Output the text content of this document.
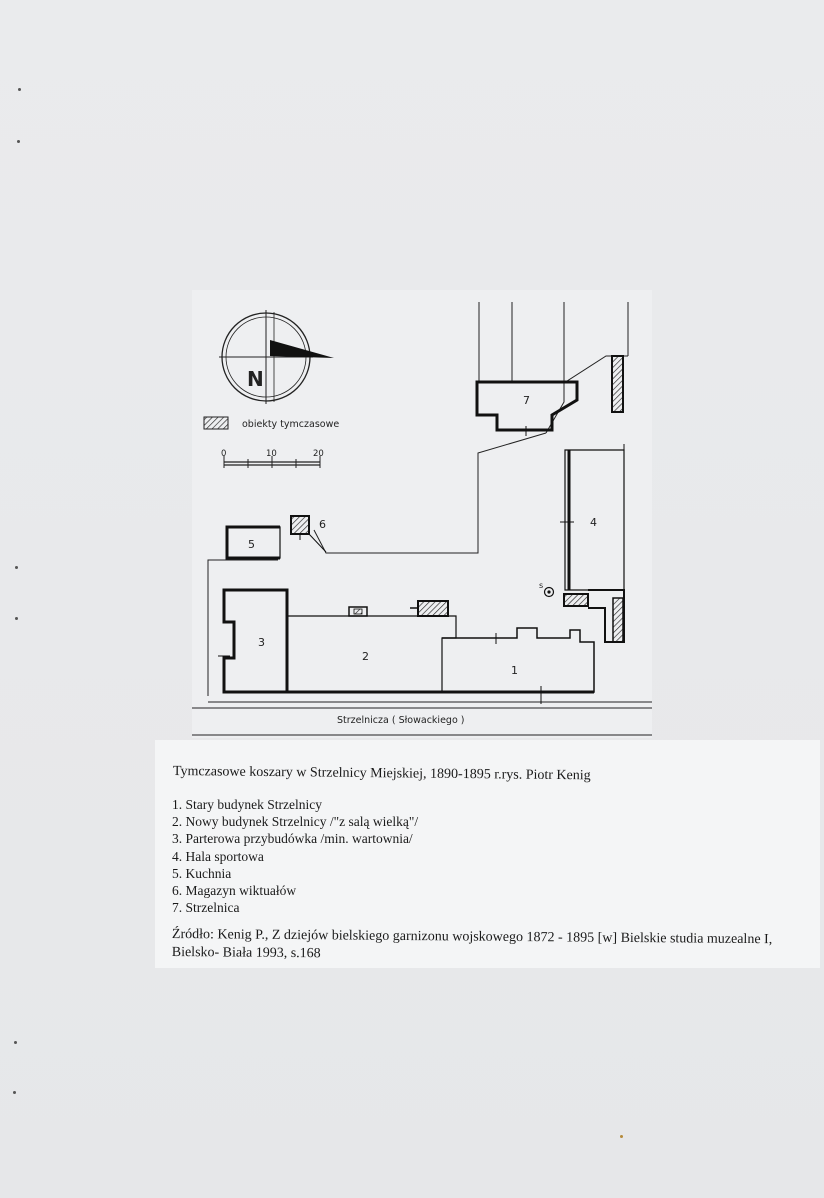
N
obiekty tymczasowe
0	10	20
7
4
s
5
6
3
2
1
Strzelnicza ( Słowackiego )
Tymczasowe koszary w Strzelnicy Miejskiej, 1890-1895 r.rys. Piotr Kenig
1. Stary budynek Strzelnicy
2. Nowy budynek Strzelnicy /"z salą wielką"/
3. Parterowa przybudówka /min. wartownia/
4. Hala sportowa
5. Kuchnia
6. Magazyn wiktuałów
7. Strzelnica
Źródło: Kenig P., Z dziejów bielskiego garnizonu wojskowego 1872 - 1895 [w] Bielskie studia muzealne I, Bielsko- Biała 1993, s.168
